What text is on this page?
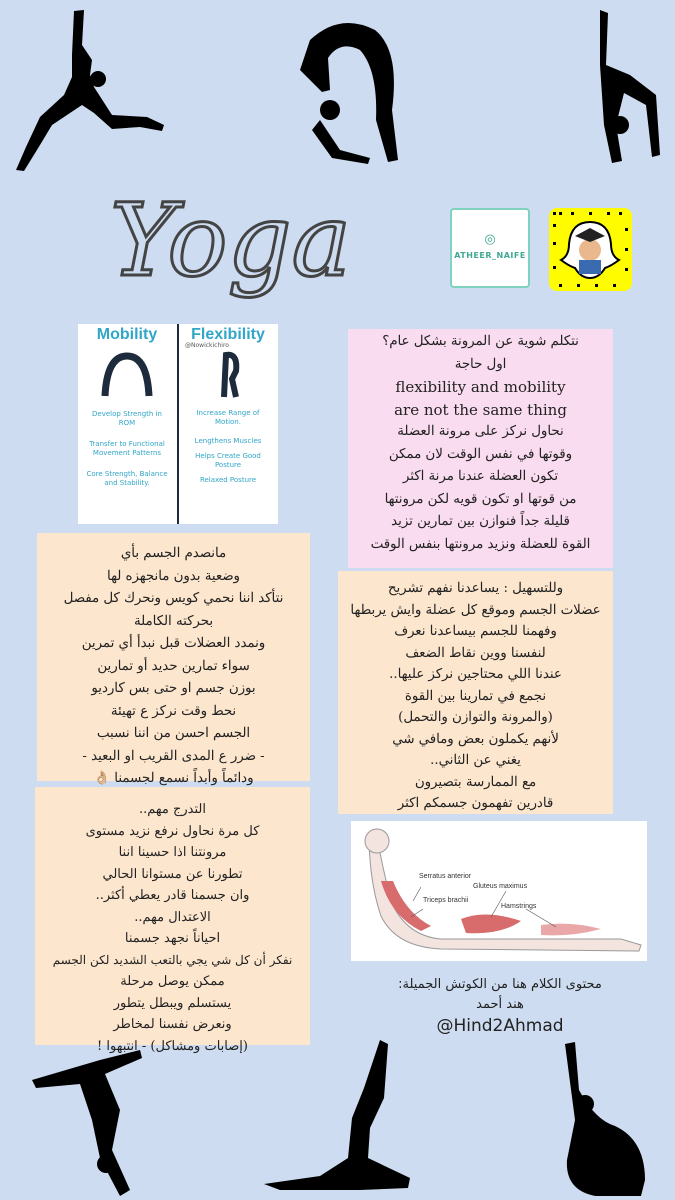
Yoga	◎
ATHEER_NAIFE
Mobility
Develop Strength in ROM
Transfer to Functional Movement Patterns
Core Strength, Balance and Stability.
Flexibility
@Nowickichiro
Increase Range of Motion.
Lengthens Muscles
Helps Create Good Posture
Relaxed Posture
نتكلم شوية عن المرونة بشكل عام؟
اول حاجة
flexibility and mobility
are not the same thing
نحاول نركز على مرونة العضلة
وقوتها في نفس الوقت لان ممكن
تكون العضلة عندنا مرنة اكثر
من قوتها او تكون قويه لكن مرونتها
قليلة جداً فنوازن بين تمارين تزيد
القوة للعضلة ونزيد مرونتها بنفس الوقت
مانصدم الجسم بأي
وضعية بدون مانجهزه لها
نتأكد اننا نحمي كويس ونحرك كل مفصل
بحركته الكاملة
ونمدد العضلات قبل نبدأ أي تمرين
سواء تمارين حديد أو تمارين
بوزن جسم او حتى بس كارديو
نحط وقت نركز ع تهيئة
الجسم احسن من اننا نسبب
- ضرر ع المدى القريب او البعيد -
ودائماً وأبداً نسمع لجسمنا 👌🏼
وللتسهيل : يساعدنا نفهم تشريح
عضلات الجسم وموقع كل عضلة وايش يربطها
وفهمنا للجسم بيساعدنا نعرف
لنفسنا ووين نقاط الضعف
عندنا اللي محتاجين نركز عليها..
نجمع في تمارينا بين القوة
(والمرونة والتوازن والتحمل)
لأنهم يكملون بعض ومافي شي
يغني عن الثاني..
مع الممارسة بتصيرون
قادرين تفهمون جسمكم اكثر
التدرج مهم..
كل مرة نحاول نرفع نزيد مستوى
مرونتنا اذا حسينا اننا
تطورنا عن مستوانا الحالي
وان جسمنا قادر يعطي أكثر..
الاعتدال مهم..
احياناً نجهد جسمنا
نفكر أن كل شي يجي بالتعب الشديد لكن الجسم
ممكن يوصل مرحلة
يستسلم ويبطل يتطور
ونعرض نفسنا لمخاطر
(إصابات ومشاكل) - انتبهوا !
Serratus anterior
Gluteus maximus
Triceps brachii
Hamstrings
محتوى الكلام هنا من الكوتش الجميلة:
هند أحمد
@Hind2Ahmad
